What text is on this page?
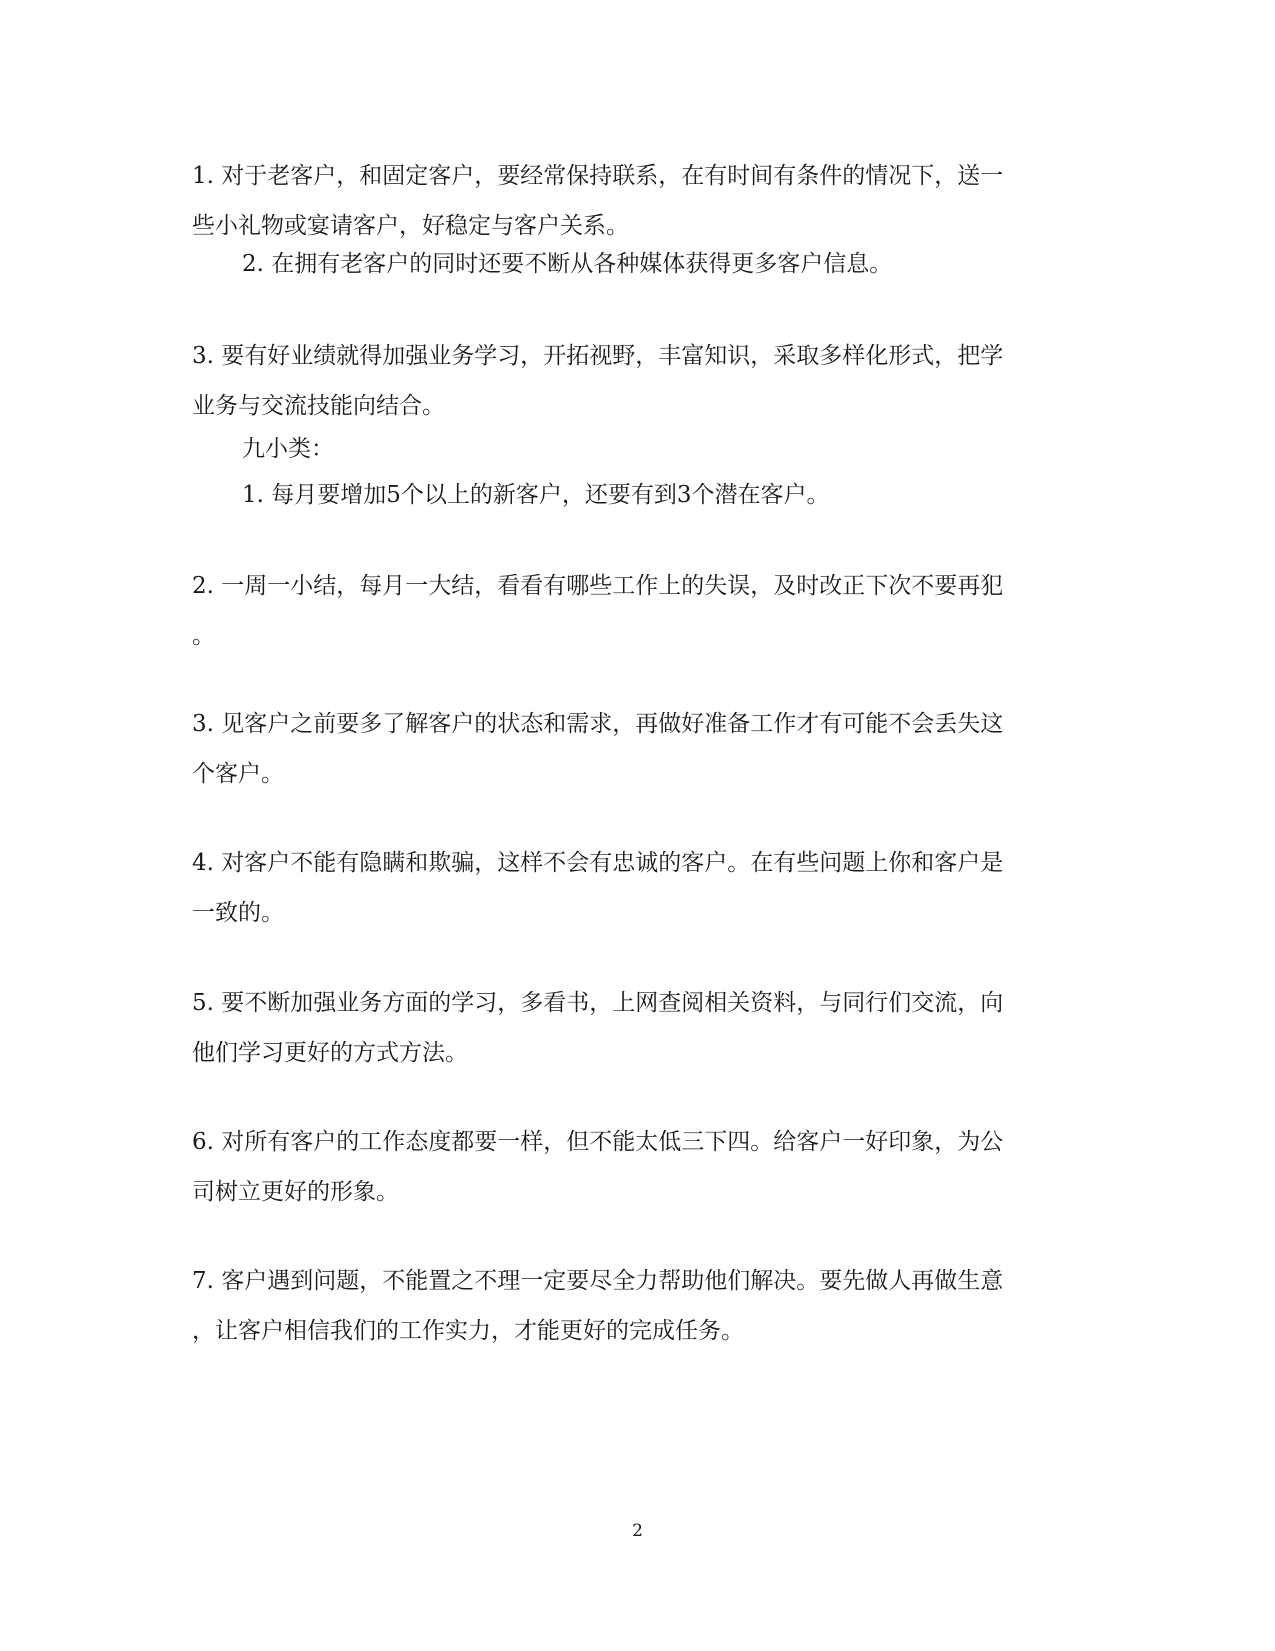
1. 对于老客户，和固定客户，要经常保持联系，在有时间有条件的情况下，送一
些小礼物或宴请客户，好稳定与客户关系。

2. 在拥有老客户的同时还要不断从各种媒体获得更多客户信息。

3. 要有好业绩就得加强业务学习，开拓视野，丰富知识，采取多样化形式，把学
业务与交流技能向结合。

九小类：

1. 每月要增加5个以上的新客户，还要有到3个潜在客户。

2. 一周一小结，每月一大结，看看有哪些工作上的失误，及时改正下次不要再犯
。

3. 见客户之前要多了解客户的状态和需求，再做好准备工作才有可能不会丢失这
个客户。

4. 对客户不能有隐瞒和欺骗，这样不会有忠诚的客户。在有些问题上你和客户是
一致的。

5. 要不断加强业务方面的学习，多看书，上网查阅相关资料，与同行们交流，向
他们学习更好的方式方法。

6. 对所有客户的工作态度都要一样，但不能太低三下四。给客户一好印象，为公
司树立更好的形象。

7. 客户遇到问题，不能置之不理一定要尽全力帮助他们解决。要先做人再做生意
，让客户相信我们的工作实力，才能更好的完成任务。

2
